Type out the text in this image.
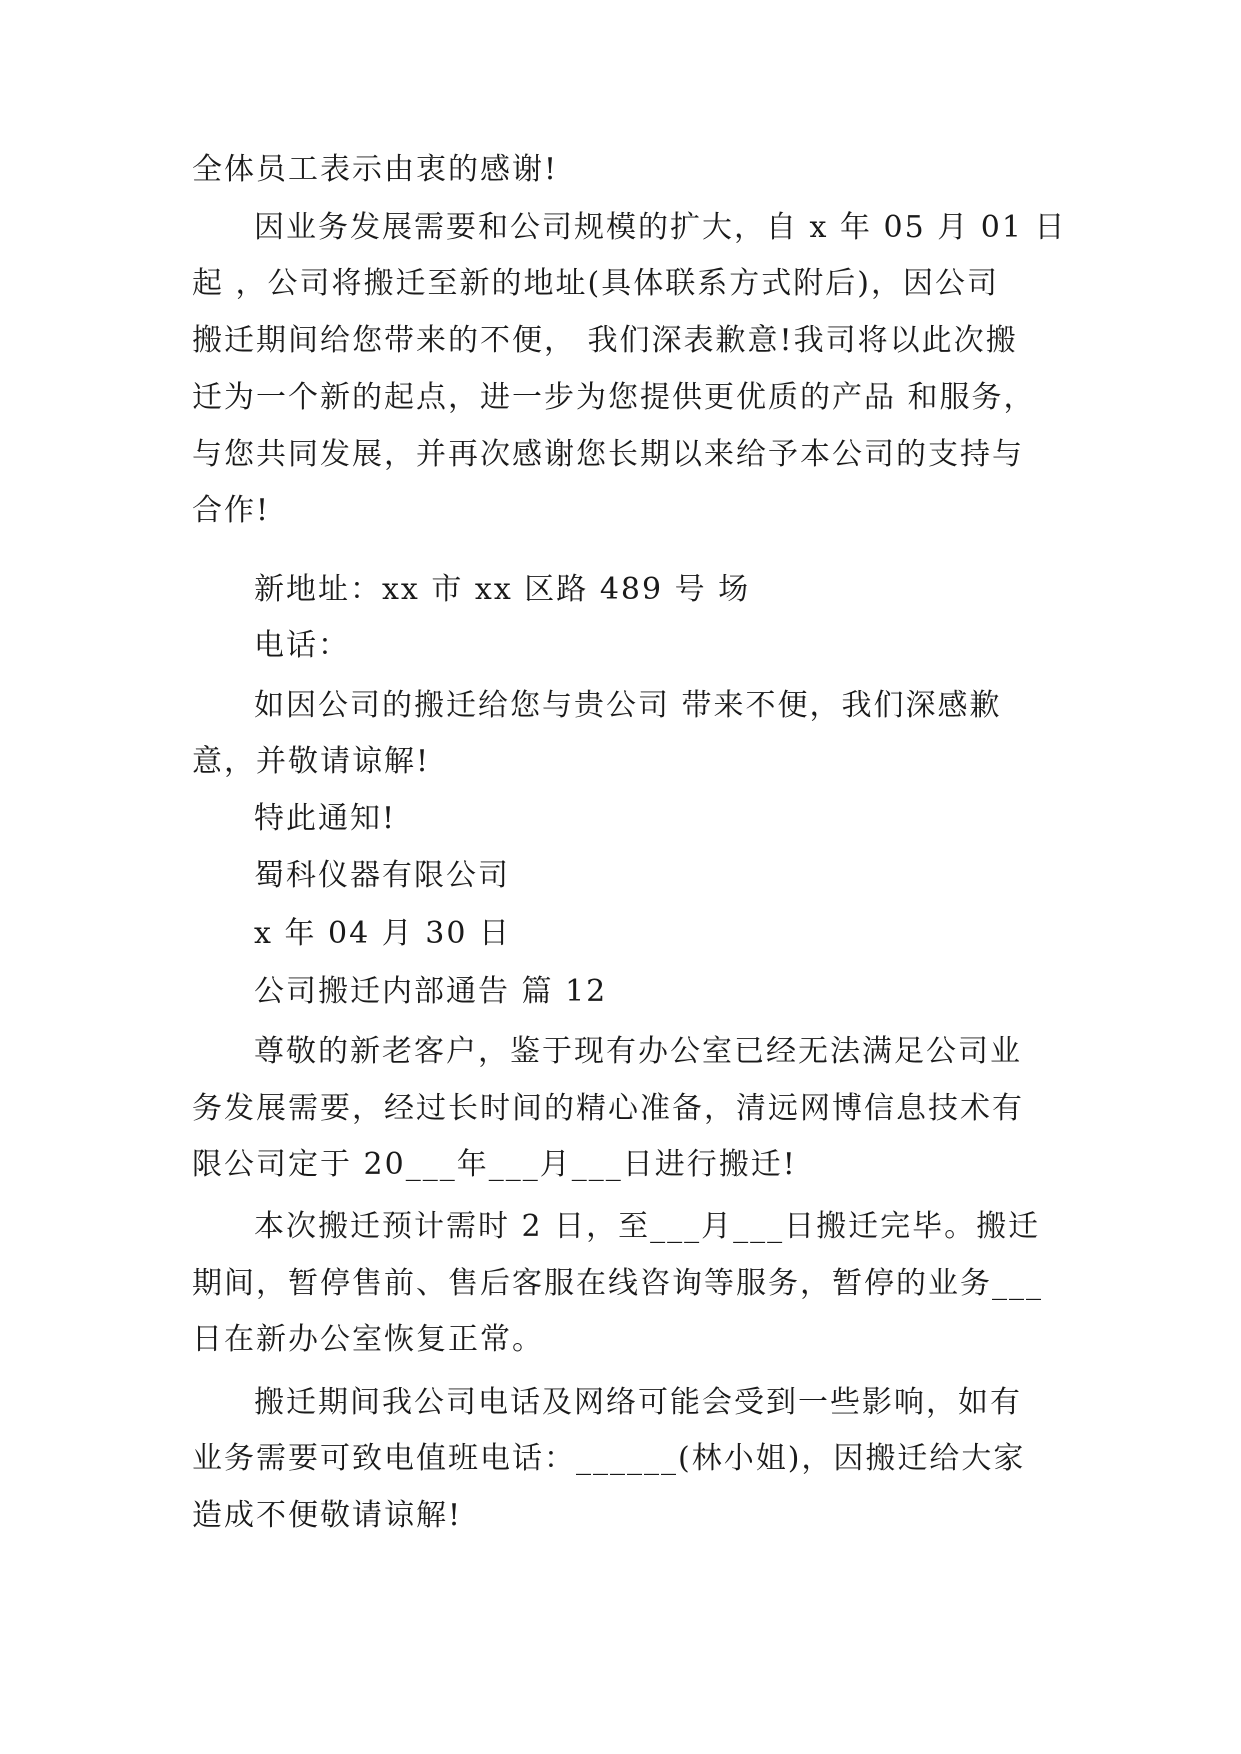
全体员工表示由衷的感谢!
因业务发展需要和公司规模的扩大，自 x 年 05 月 01 日
起 ，公司将搬迁至新的地址(具体联系方式附后)，因公司
搬迁期间给您带来的不便， 我们深表歉意!我司将以此次搬
迁为一个新的起点，进一步为您提供更优质的产品 和服务，
与您共同发展，并再次感谢您长期以来给予本公司的支持与
合作!
新地址：xx 市 xx 区路 489 号 场
电话：
如因公司的搬迁给您与贵公司 带来不便，我们深感歉
意，并敬请谅解!
特此通知!
蜀科仪器有限公司
x 年 04 月 30 日
公司搬迁内部通告 篇 12
尊敬的新老客户，鉴于现有办公室已经无法满足公司业
务发展需要，经过长时间的精心准备，清远网博信息技术有
限公司定于 20___年___月___日进行搬迁!
本次搬迁预计需时 2 日，至___月___日搬迁完毕。搬迁
期间，暂停售前、售后客服在线咨询等服务，暂停的业务___
日在新办公室恢复正常。
搬迁期间我公司电话及网络可能会受到一些影响，如有
业务需要可致电值班电话：______(林小姐)，因搬迁给大家
造成不便敬请谅解!
